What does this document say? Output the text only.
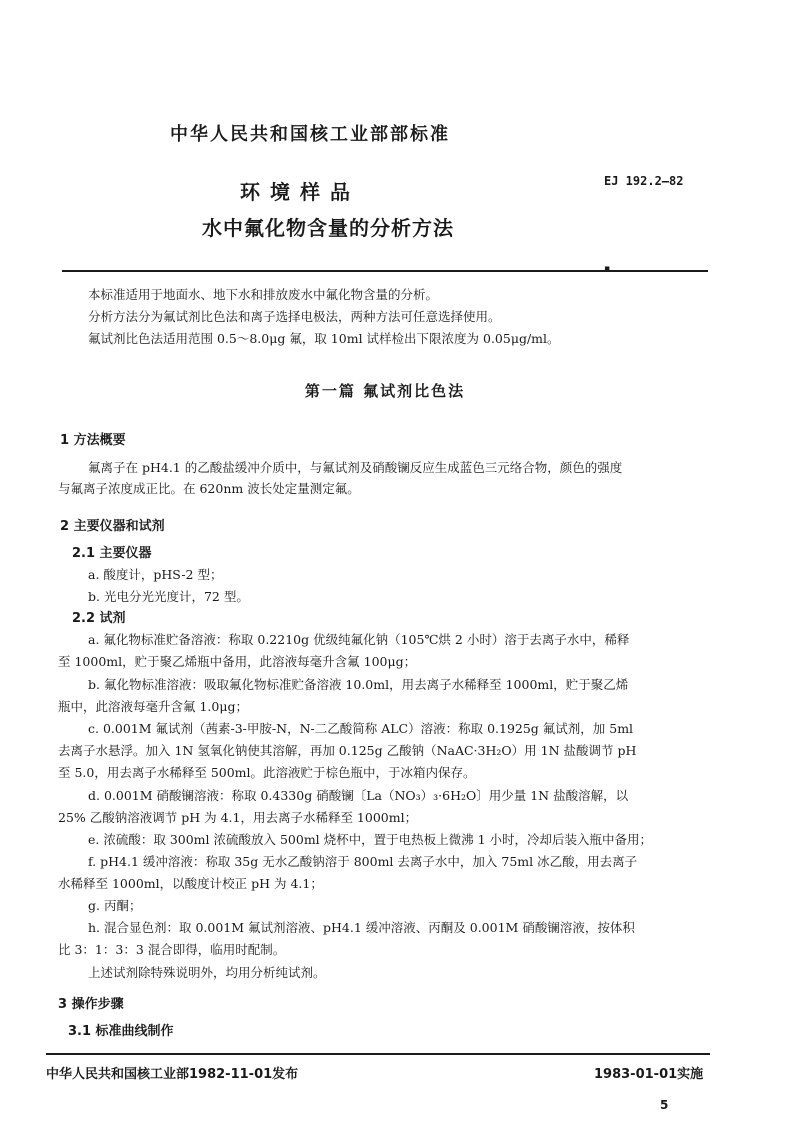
中华人民共和国核工业部部标准
环境样品	EJ 192.2—82
水中氟化物含量的分析方法
▪
本标准适用于地面水、地下水和排放废水中氟化物含量的分析。
分析方法分为氟试剂比色法和离子选择电极法，两种方法可任意选择使用。
氟试剂比色法适用范围 0.5～8.0μg 氟，取 10ml 试样检出下限浓度为 0.05μg/ml。
第一篇 氟试剂比色法
1 方法概要
氟离子在 pH4.1 的乙酸盐缓冲介质中，与氟试剂及硝酸镧反应生成蓝色三元络合物，颜色的强度
与氟离子浓度成正比。在 620nm 波长处定量测定氟。
2 主要仪器和试剂
2.1 主要仪器
a. 酸度计，pHS-2 型；
b. 光电分光光度计，72 型。
2.2 试剂
a. 氟化物标准贮备溶液：称取 0.2210g 优级纯氟化钠（105℃烘 2 小时）溶于去离子水中，稀释
至 1000ml，贮于聚乙烯瓶中备用，此溶液每毫升含氟 100μg；
b. 氟化物标准溶液：吸取氟化物标准贮备溶液 10.0ml，用去离子水稀释至 1000ml，贮于聚乙烯
瓶中，此溶液每毫升含氟 1.0μg；
c. 0.001M 氟试剂（茜素-3-甲胺-N，N-二乙酸简称 ALC）溶液：称取 0.1925g 氟试剂，加 5ml
去离子水悬浮。加入 1N 氢氧化钠使其溶解，再加 0.125g 乙酸钠（NaAC·3H₂O）用 1N 盐酸调节 pH
至 5.0，用去离子水稀释至 500ml。此溶液贮于棕色瓶中，于冰箱内保存。
d. 0.001M 硝酸镧溶液：称取 0.4330g 硝酸镧〔La（NO₃）₃·6H₂O〕用少量 1N 盐酸溶解，以
25% 乙酸钠溶液调节 pH 为 4.1，用去离子水稀释至 1000ml；
e. 浓硫酸：取 300ml 浓硫酸放入 500ml 烧杯中，置于电热板上微沸 1 小时，冷却后装入瓶中备用；
f. pH4.1 缓冲溶液：称取 35g 无水乙酸钠溶于 800ml 去离子水中，加入 75ml 冰乙酸，用去离子
水稀释至 1000ml，以酸度计校正 pH 为 4.1；
g. 丙酮；
h. 混合显色剂：取 0.001M 氟试剂溶液、pH4.1 缓冲溶液、丙酮及 0.001M 硝酸镧溶液，按体积
比 3：1：3：3 混合即得，临用时配制。
上述试剂除特殊说明外，均用分析纯试剂。
3 操作步骤
3.1 标准曲线制作
中华人民共和国核工业部1982-11-01发布	1983-01-01实施
5
